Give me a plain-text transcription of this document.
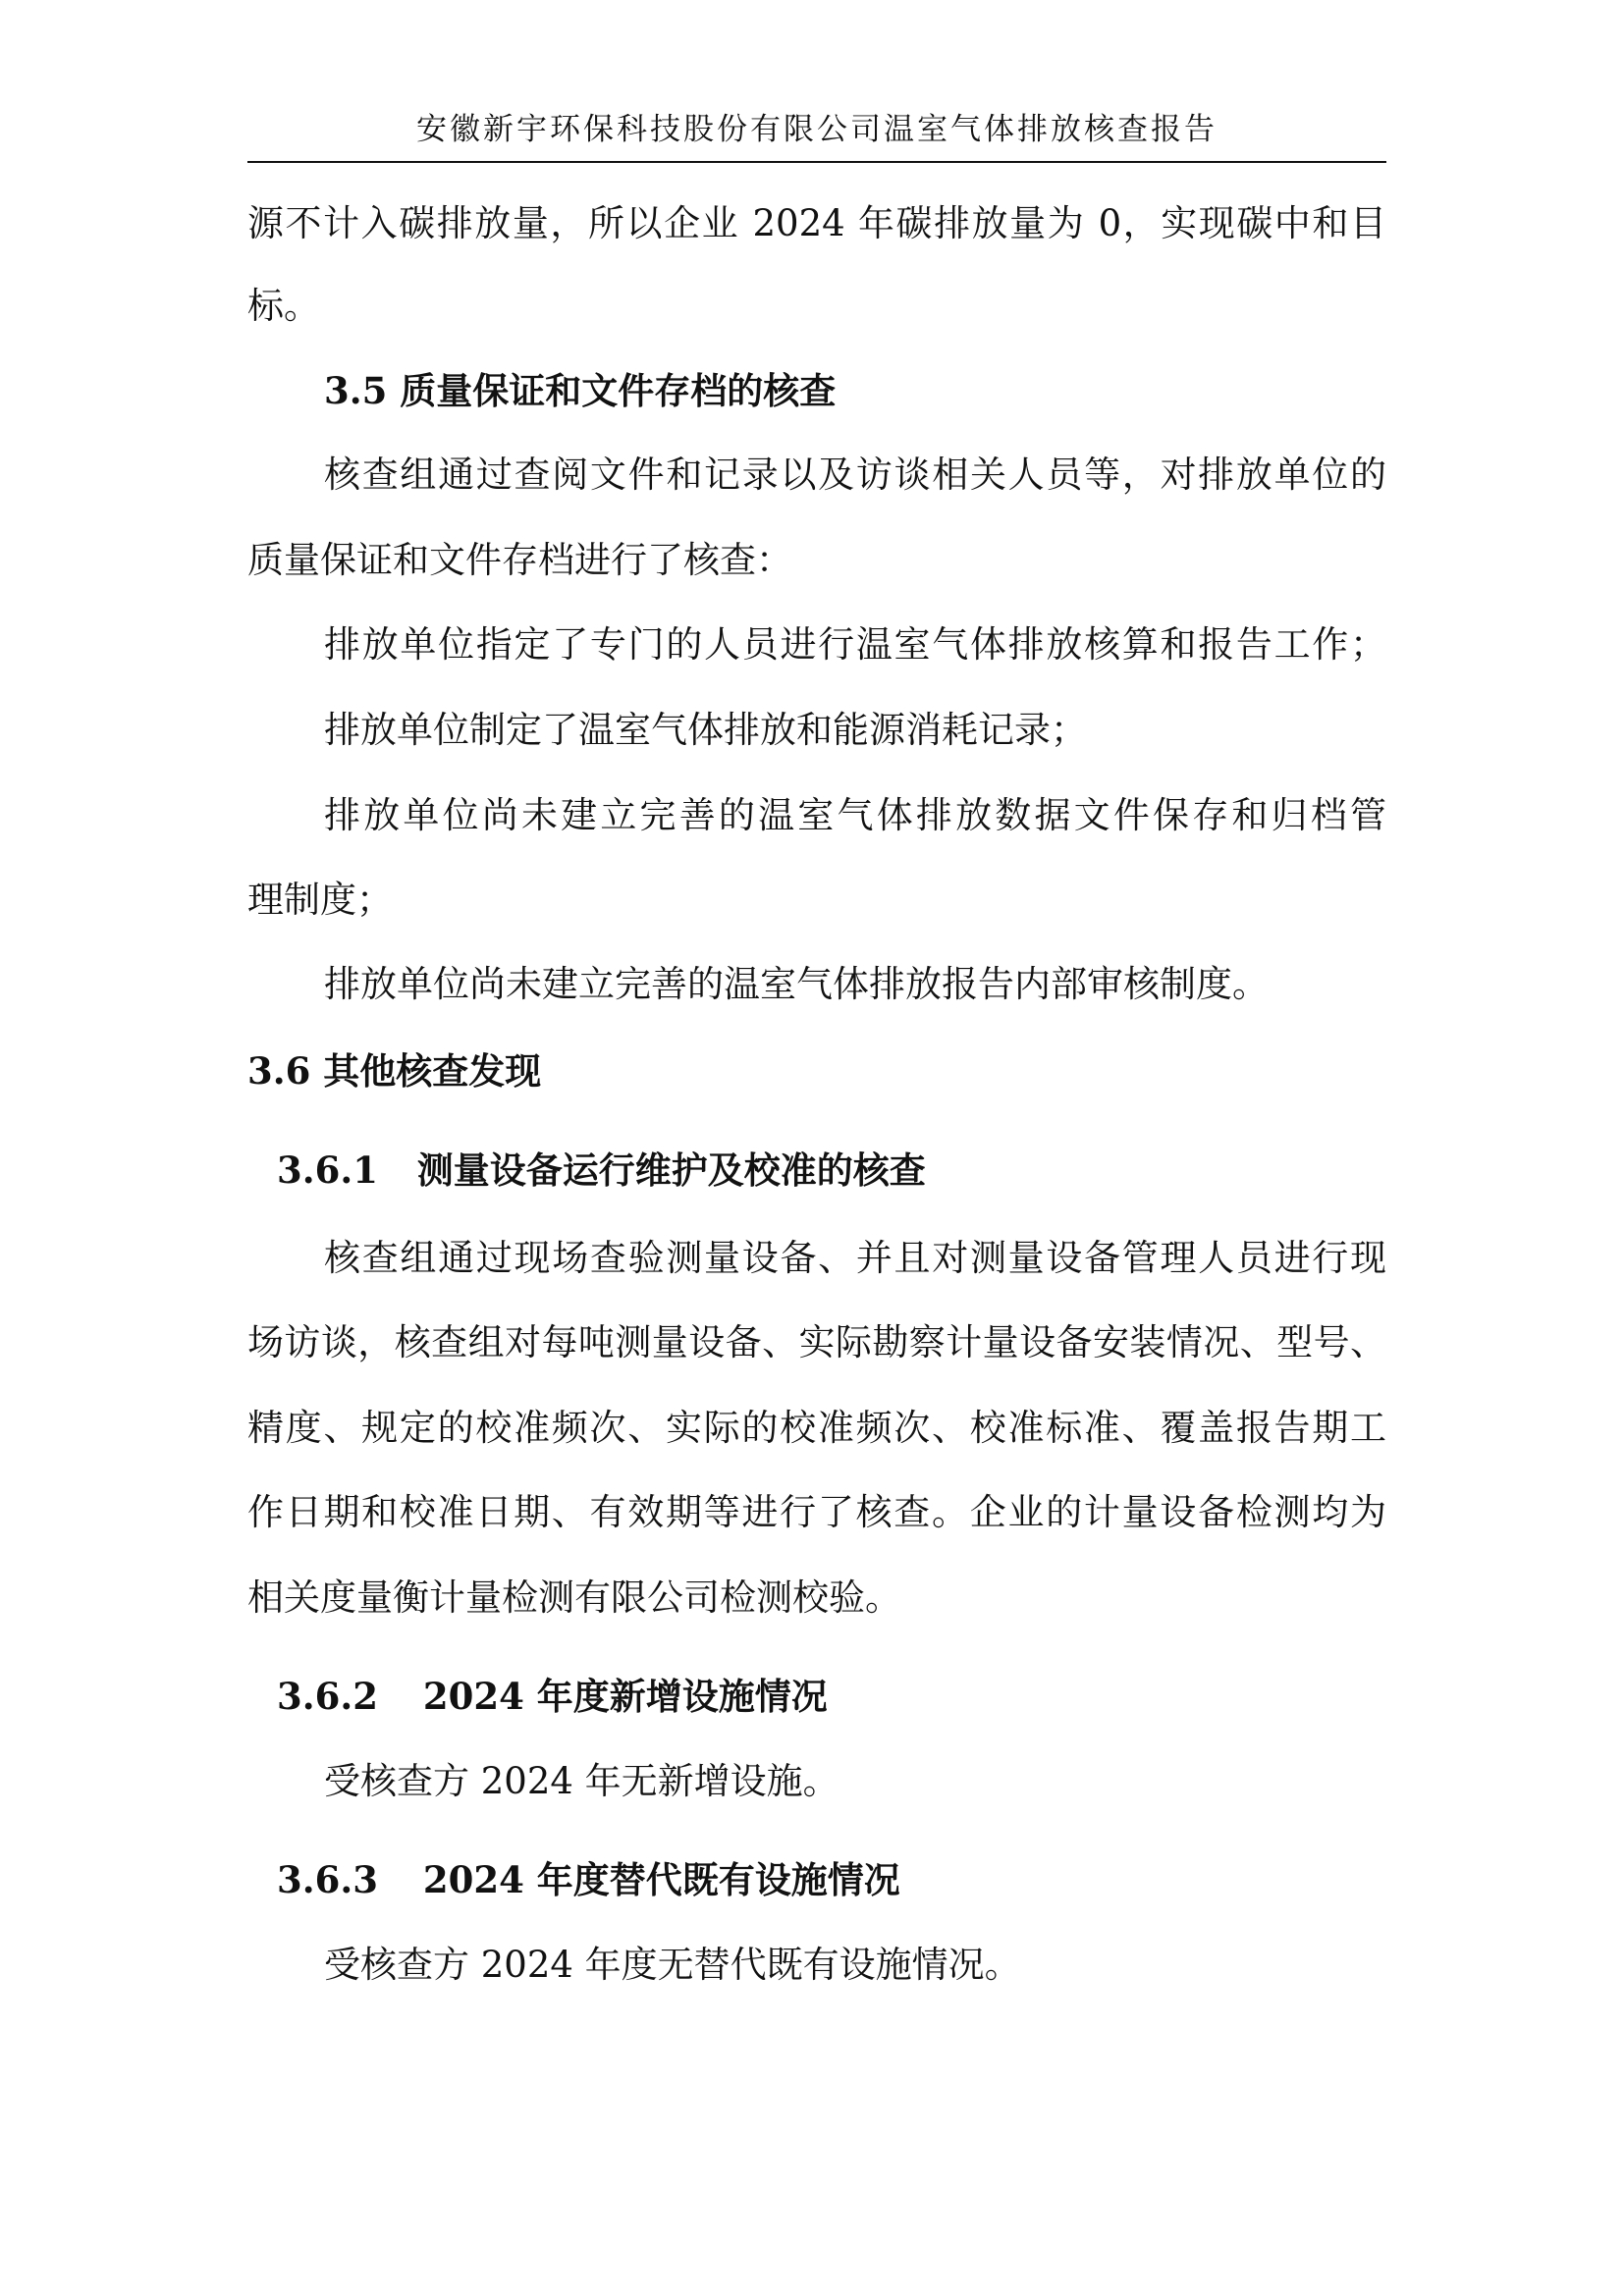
安徽新宇环保科技股份有限公司温室气体排放核查报告
源不计入碳排放量，所以企业 2024 年碳排放量为 0，实现碳中和目
标。
3.5 质量保证和文件存档的核查
核查组通过查阅文件和记录以及访谈相关人员等，对排放单位的
质量保证和文件存档进行了核查：
排放单位指定了专门的人员进行温室气体排放核算和报告工作；
排放单位制定了温室气体排放和能源消耗记录；
排放单位尚未建立完善的温室气体排放数据文件保存和归档管
理制度；
排放单位尚未建立完善的温室气体排放报告内部审核制度。
3.6 其他核查发现
3.6.1 测量设备运行维护及校准的核查
核查组通过现场查验测量设备、并且对测量设备管理人员进行现
场访谈，核查组对每吨测量设备、实际勘察计量设备安装情况、型号、
精度、规定的校准频次、实际的校准频次、校准标准、覆盖报告期工
作日期和校准日期、有效期等进行了核查。企业的计量设备检测均为
相关度量衡计量检测有限公司检测校验。
3.6.2 2024 年度新增设施情况
受核查方 2024 年无新增设施。
3.6.3 2024 年度替代既有设施情况
受核查方 2024 年度无替代既有设施情况。
